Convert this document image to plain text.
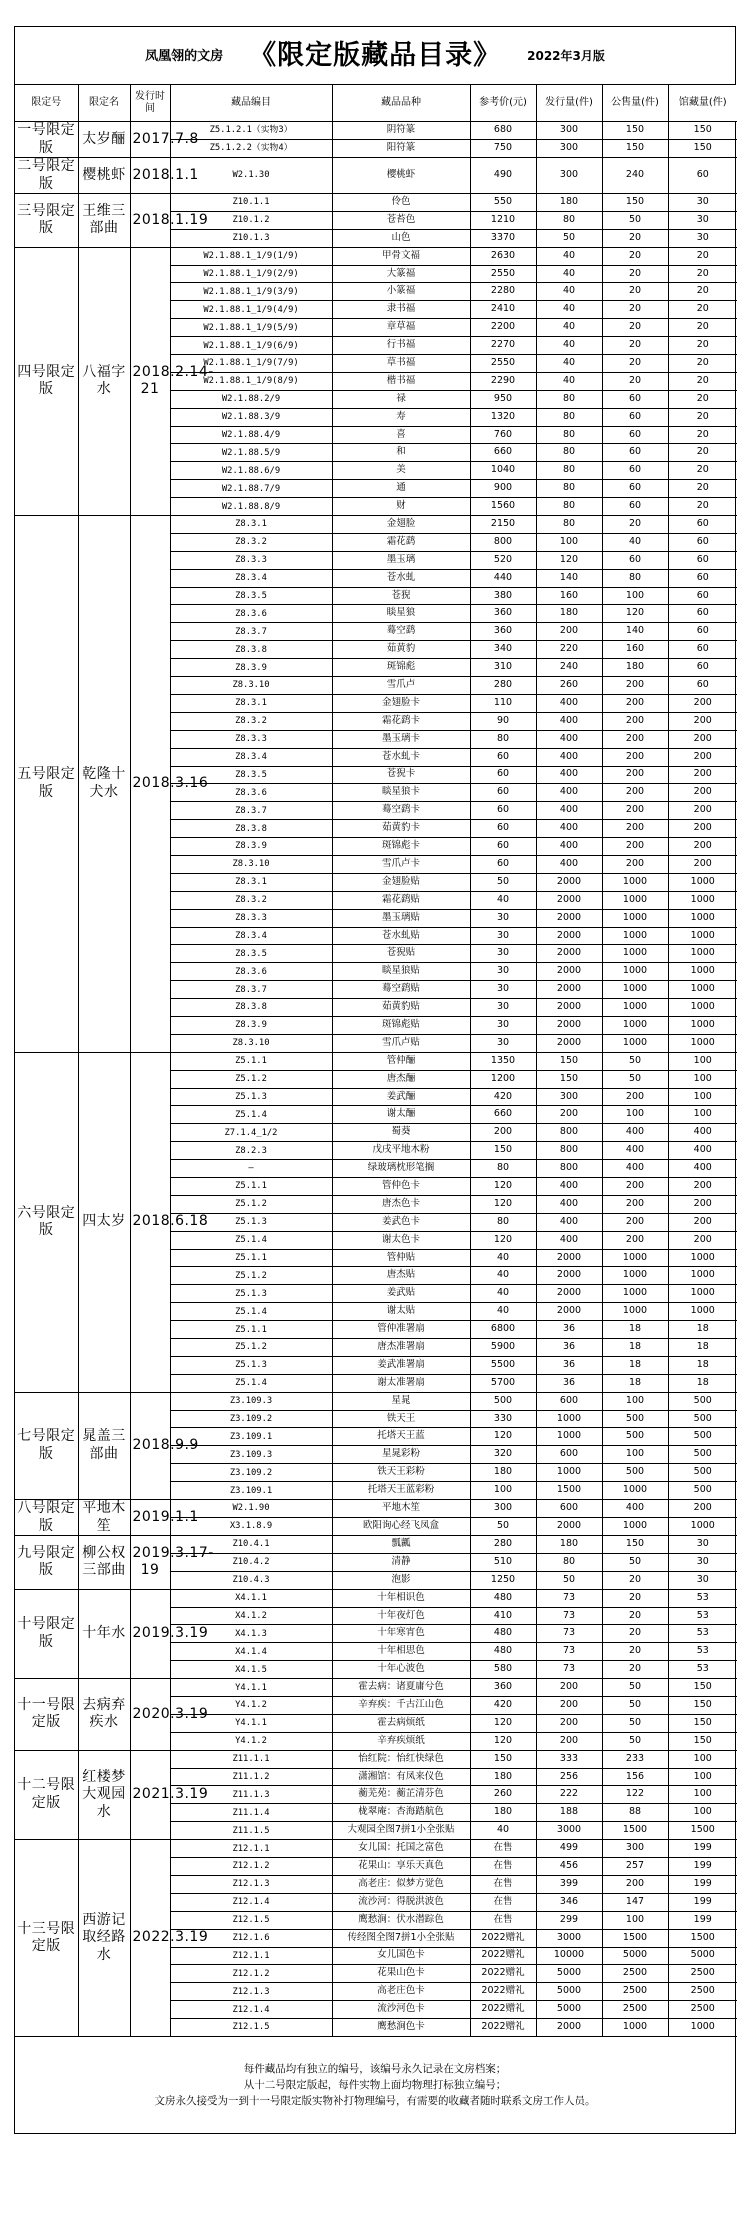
凤凰翎的文房 《限定版藏品目录》 2022年3月版
限定号	限定名	发行时间	藏品编目	藏品品种	参考价(元)	发行量(件)	公售量(件)	馆藏量(件)
一号限定版	太岁酾	2017.7.8	Z5.1.2.1（实物3）	阴符篆	680	300	150	150
			Z5.1.2.2（实物4）	阳符篆	750	300	150	150
二号限定版	樱桃虾	2018.1.1	W2.1.30	樱桃虾	490	300	240	60
三号限定版	王维三部曲	2018.1.19	Z10.1.1	伶色	550	180	150	30
			Z10.1.2	苍苔色	1210	80	50	30
			Z10.1.3	山色	3370	50	20	30
四号限定版	八福字水	2018.2.14-21	W2.1.88.1_1/9(1/9)	甲骨文福	2630	40	20	20
			W2.1.88.1_1/9(2/9)	大篆福	2550	40	20	20
			W2.1.88.1_1/9(3/9)	小篆福	2280	40	20	20
			W2.1.88.1_1/9(4/9)	隶书福	2410	40	20	20
			W2.1.88.1_1/9(5/9)	章草福	2200	40	20	20
			W2.1.88.1_1/9(6/9)	行书福	2270	40	20	20
			W2.1.88.1_1/9(7/9)	草书福	2550	40	20	20
			W2.1.88.1_1/9(8/9)	楷书福	2290	40	20	20
			W2.1.88.2/9	禄	950	80	60	20
			W2.1.88.3/9	寿	1320	80	60	20
			W2.1.88.4/9	喜	760	80	60	20
			W2.1.88.5/9	和	660	80	60	20
			W2.1.88.6/9	美	1040	80	60	20
			W2.1.88.7/9	通	900	80	60	20
			W2.1.88.8/9	财	1560	80	60	20
五号限定版	乾隆十犬水	2018.3.16	Z8.3.1	金翅脸	2150	80	20	60
			Z8.3.2	霜花鹞	800	100	40	60
			Z8.3.3	墨玉璃	520	120	60	60
			Z8.3.4	苍水虬	440	140	80	60
			Z8.3.5	苍猊	380	160	100	60
			Z8.3.6	睒星狼	360	180	120	60
			Z8.3.7	蓦空鹞	360	200	140	60
			Z8.3.8	茹黄豹	340	220	160	60
			Z8.3.9	斑锦彪	310	240	180	60
			Z8.3.10	雪爪卢	280	260	200	60
			Z8.3.1	金翅脸卡	110	400	200	200
			Z8.3.2	霜花鹞卡	90	400	200	200
			Z8.3.3	墨玉璃卡	80	400	200	200
			Z8.3.4	苍水虬卡	60	400	200	200
			Z8.3.5	苍猊卡	60	400	200	200
			Z8.3.6	睒星狼卡	60	400	200	200
			Z8.3.7	蓦空鹞卡	60	400	200	200
			Z8.3.8	茹黄豹卡	60	400	200	200
			Z8.3.9	斑锦彪卡	60	400	200	200
			Z8.3.10	雪爪卢卡	60	400	200	200
			Z8.3.1	金翅脸贴	50	2000	1000	1000
			Z8.3.2	霜花鹞贴	40	2000	1000	1000
			Z8.3.3	墨玉璃贴	30	2000	1000	1000
			Z8.3.4	苍水虬贴	30	2000	1000	1000
			Z8.3.5	苍猊贴	30	2000	1000	1000
			Z8.3.6	睒星狼贴	30	2000	1000	1000
			Z8.3.7	蓦空鹞贴	30	2000	1000	1000
			Z8.3.8	茹黄豹贴	30	2000	1000	1000
			Z8.3.9	斑锦彪贴	30	2000	1000	1000
			Z8.3.10	雪爪卢贴	30	2000	1000	1000
六号限定版	四太岁	2018.6.18	Z5.1.1	管仲酾	1350	150	50	100
			Z5.1.2	唐杰酾	1200	150	50	100
			Z5.1.3	姜武酾	420	300	200	100
			Z5.1.4	谢太酾	660	200	100	100
			Z7.1.4_1/2	蜀葵	200	800	400	400
			Z8.2.3	戊戌平地木粉	150	800	400	400
			—	绿玻璃枕形笔搁	80	800	400	400
			Z5.1.1	管仲色卡	120	400	200	200
			Z5.1.2	唐杰色卡	120	400	200	200
			Z5.1.3	姜武色卡	80	400	200	200
			Z5.1.4	谢太色卡	120	400	200	200
			Z5.1.1	管仲贴	40	2000	1000	1000
			Z5.1.2	唐杰贴	40	2000	1000	1000
			Z5.1.3	姜武贴	40	2000	1000	1000
			Z5.1.4	谢太贴	40	2000	1000	1000
			Z5.1.1	管仲准署扇	6800	36	18	18
			Z5.1.2	唐杰准署扇	5900	36	18	18
			Z5.1.3	姜武准署扇	5500	36	18	18
			Z5.1.4	谢太准署扇	5700	36	18	18
七号限定版	晁盖三部曲	2018.9.9	Z3.109.3	星晁	500	600	100	500
			Z3.109.2	铁天王	330	1000	500	500
			Z3.109.1	托塔天王蓝	120	1000	500	500
			Z3.109.3	星晁彩粉	320	600	100	500
			Z3.109.2	铁天王彩粉	180	1000	500	500
			Z3.109.1	托塔天王蓝彩粉	100	1500	1000	500
八号限定版	平地木笙	2019.1.1	W2.1.90	平地木笙	300	600	400	200
			X3.1.8.9	欧阳询心经飞凤盒	50	2000	1000	1000
九号限定版	柳公权三部曲	2019.3.17-19	Z10.4.1	瓢瓤	280	180	150	30
			Z10.4.2	清静	510	80	50	30
			Z10.4.3	泡影	1250	50	20	30
十号限定版	十年水	2019.3.19	X4.1.1	十年相识色	480	73	20	53
			X4.1.2	十年夜灯色	410	73	20	53
			X4.1.3	十年寒宵色	480	73	20	53
			X4.1.4	十年相思色	480	73	20	53
			X4.1.5	十年心波色	580	73	20	53
十一号限定版	去病弃疾水	2020.3.19	Y4.1.1	霍去病：诸夏庸兮色	360	200	50	150
			Y4.1.2	辛弃疾：千古江山色	420	200	50	150
			Y4.1.1	霍去病烦纸	120	200	50	150
			Y4.1.2	辛弃疾烦纸	120	200	50	150
十二号限定版	红楼梦大观园水	2021.3.19	Z11.1.1	怡红院：怡红快绿色	150	333	233	100
			Z11.1.2	潇湘馆：有凤来仪色	180	256	156	100
			Z11.1.3	蘅芜苑：蘅芷清芬色	260	222	122	100
			Z11.1.4	栊翠庵：杏海踏航色	180	188	88	100
			Z11.1.5	大观园全图7拼1小全张贴	40	3000	1500	1500
十三号限定版	西游记取经路水	2022.3.19	Z12.1.1	女儿国：托国之富色	在售	499	300	199
			Z12.1.2	花果山：享乐天真色	在售	456	257	199
			Z12.1.3	高老庄：似梦方觉色	在售	399	200	199
			Z12.1.4	流沙河：得脱洪波色	在售	346	147	199
			Z12.1.5	鹰愁涧：伏水潜踪色	在售	299	100	199
			Z12.1.6	传经图全图7拼1小全张贴	2022赠礼	3000	1500	1500
			Z12.1.1	女儿国色卡	2022赠礼	10000	5000	5000
			Z12.1.2	花果山色卡	2022赠礼	5000	2500	2500
			Z12.1.3	高老庄色卡	2022赠礼	5000	2500	2500
			Z12.1.4	流沙河色卡	2022赠礼	5000	2500	2500
			Z12.1.5	鹰愁涧色卡	2022赠礼	2000	1000	1000
每件藏品均有独立的编号，该编号永久记录在文房档案；
从十二号限定版起，每件实物上面均物理打标独立编号；
文房永久接受为一到十一号限定版实物补打物理编号，有需要的收藏者随时联系文房工作人员。
